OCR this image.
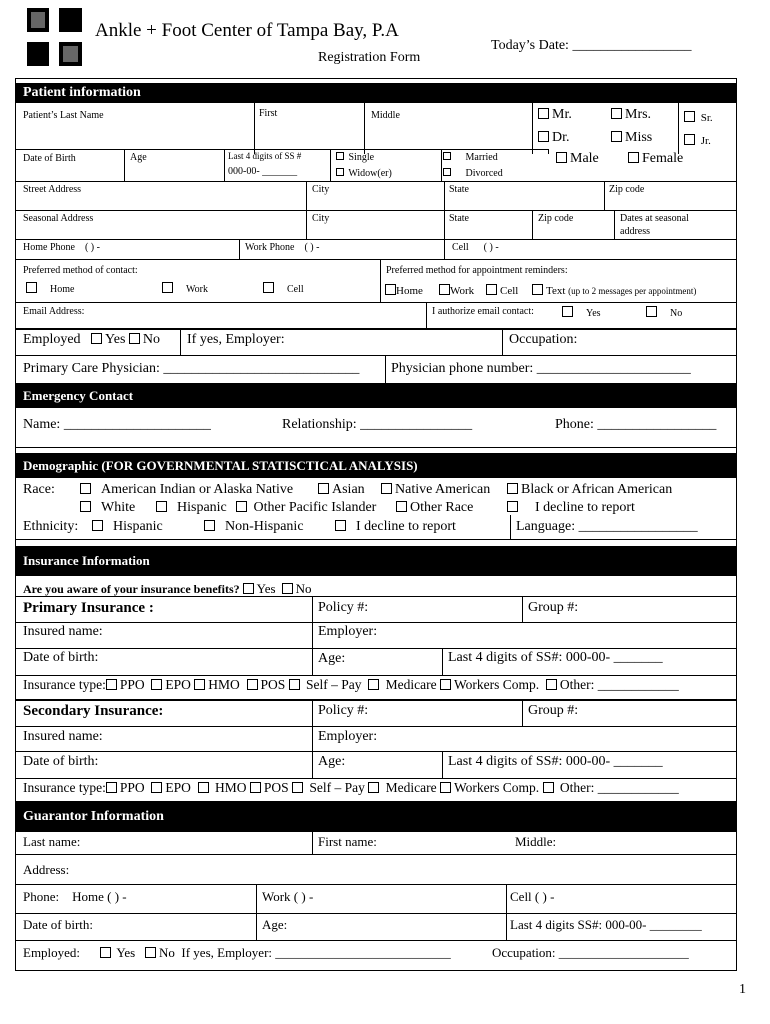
Ankle + Foot Center of Tampa Bay, P.A
Registration Form
Today’s Date: _________________
Patient information
Patient’s Last Name	First	Middle	Mr.	Mrs.	Sr.
Dr.	Miss	Jr.
Date of Birth	Age	Last 4 digits of SS #
000-00- _______
Single	Married
Widow(er)	Divorced
Male	Female
Street Address	City	State	Zip code
Seasonal Address	City	State	Zip code	Dates at seasonal
address
Home Phone ( ) -	Work Phone ( ) -	Cell ( ) -
Preferred method of contact:	Preferred method for appointment reminders:
Home	Work	Cell	Home	Work	Cell	Text (up to 2 messages per appointment)
Email Address:	I authorize email contact:	Yes	No
Employed Yes No If yes, Employer:	Occupation:
Primary Care Physician: ____________________________ Physician phone number: ______________________
Emergency Contact
Name: _____________________	Relationship: ________________	Phone: _________________
Demographic (FOR GOVERNMENTAL STATISCTICAL ANALYSIS)
Race:	American Indian or Alaska Native	Asian	Native American	Black or African American
White	Hispanic	Other Pacific Islander	Other Race	I decline to report
Ethnicity:	Hispanic	Non-Hispanic	I decline to report	Language: _________________
Insurance Information
Are you aware of your insurance benefits? Yes No
Primary Insurance :	Policy #:	Group #:
Insured name:	Employer:
Date of birth:	Age:	Last 4 digits of SS#: 000-00- _______
Insurance type: PPO EPO HMO POS Self – Pay Medicare Workers Comp. Other: ____________
Secondary Insurance:	Policy #:	Group #:
Insured name:	Employer:
Date of birth:	Age:	Last 4 digits of SS#: 000-00- _______
Insurance type: PPO EPO HMO POS Self – Pay Medicare Workers Comp. Other: ____________
Guarantor Information
Last name:	First name:	Middle:
Address:
Phone: Home ( ) -	Work ( ) -	Cell ( ) -
Date of birth:	Age:	Last 4 digits SS#: 000-00- ________
Employed:	Yes No If yes, Employer: ___________________________	Occupation: ____________________
1
